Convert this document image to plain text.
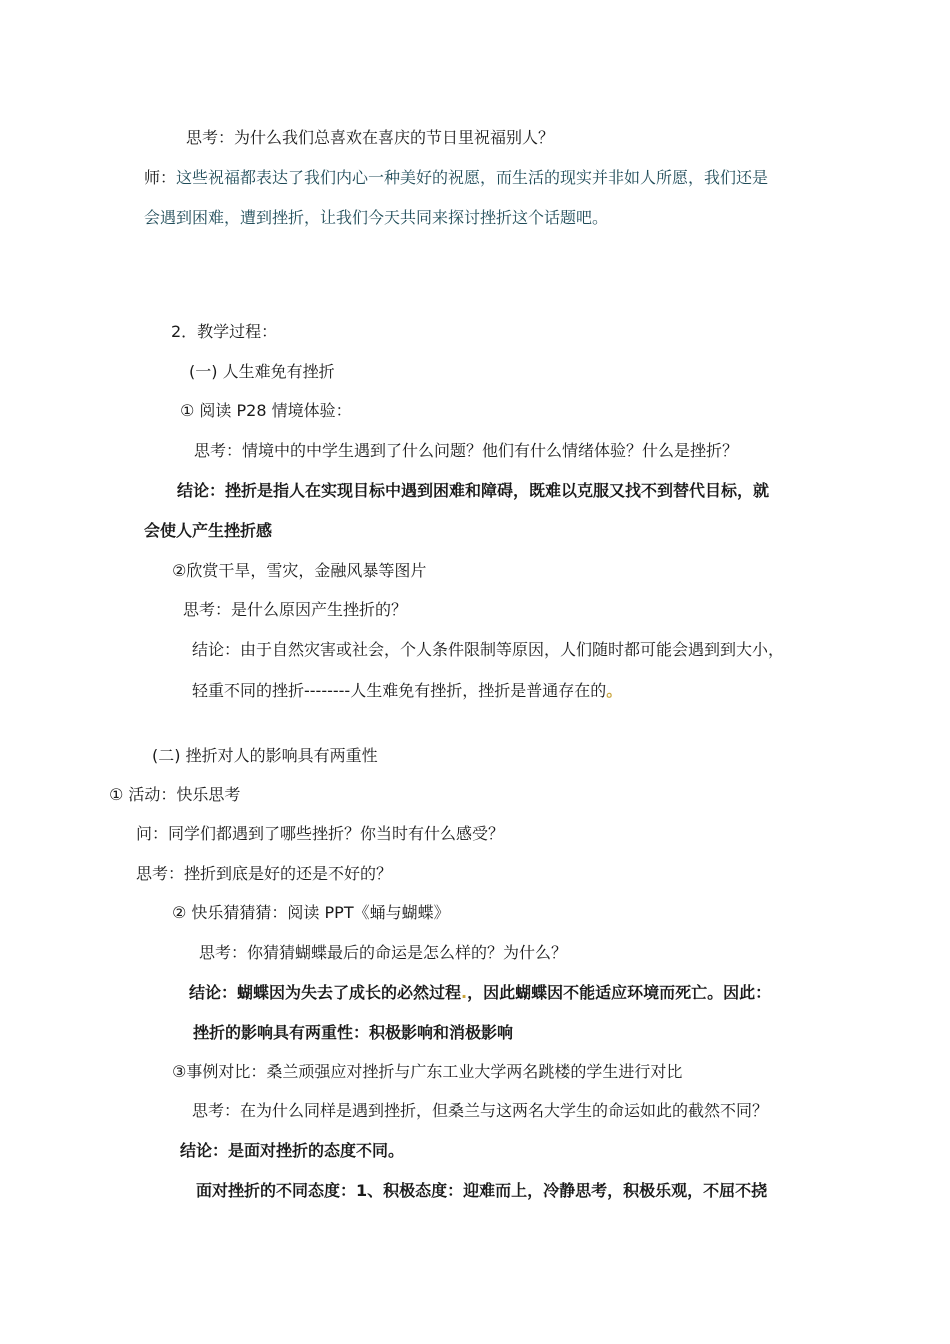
思考：为什么我们总喜欢在喜庆的节日里祝福别人？
师：这些祝福都表达了我们内心一种美好的祝愿，而生活的现实并非如人所愿，我们还是
会遇到困难，遭到挫折，让我们今天共同来探讨挫折这个话题吧。
2．教学过程：
(一) 人生难免有挫折
① 阅读 P28 情境体验：
思考：情境中的中学生遇到了什么问题？他们有什么情绪体验？什么是挫折？
结论：挫折是指人在实现目标中遇到困难和障碍，既难以克服又找不到替代目标，就
会使人产生挫折感
②欣赏干旱，雪灾，金融风暴等图片
思考：是什么原因产生挫折的？
结论：由于自然灾害或社会，个人条件限制等原因，人们随时都可能会遇到到大小，
轻重不同的挫折--------人生难免有挫折，挫折是普通存在的。
(二) 挫折对人的影响具有两重性
① 活动：快乐思考
问：同学们都遇到了哪些挫折？你当时有什么感受？
思考：挫折到底是好的还是不好的？
② 快乐猜猜猜：阅读 PPT《蛹与蝴蝶》
思考：你猜猜蝴蝶最后的命运是怎么样的？为什么？
结论：蝴蝶因为失去了成长的必然过程.，因此蝴蝶因不能适应环境而死亡。因此：
挫折的影响具有两重性：积极影响和消极影响
③事例对比：桑兰顽强应对挫折与广东工业大学两名跳楼的学生进行对比
思考：在为什么同样是遇到挫折，但桑兰与这两名大学生的命运如此的截然不同？
结论：是面对挫折的态度不同。
面对挫折的不同态度：1、积极态度：迎难而上，冷静思考，积极乐观，不屈不挠
